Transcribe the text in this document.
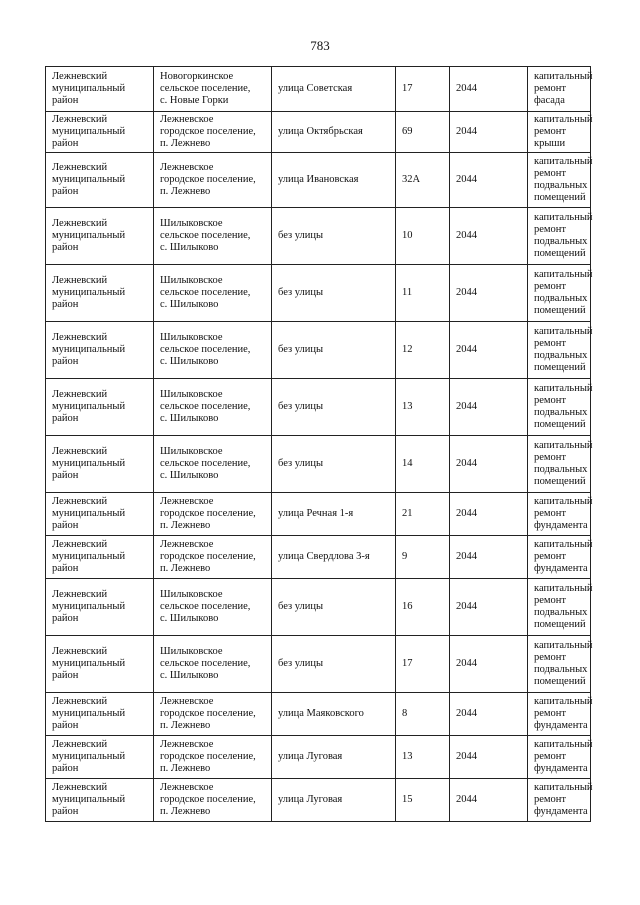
783
Лежневский
муниципальный
район	Новогоркинское
сельское поселение,
с. Новые Горки	улица Советская	17	2044	капитальный
ремонт фасада
Лежневский
муниципальный
район	Лежневское
городское поселение,
п. Лежнево	улица Октябрьская	69	2044	капитальный
ремонт крыши
Лежневский
муниципальный
район	Лежневское
городское поселение,
п. Лежнево	улица Ивановская	32А	2044	капитальный
ремонт
подвальных
помещений
Лежневский
муниципальный
район	Шилыковское
сельское поселение,
с. Шилыково	без улицы	10	2044	капитальный
ремонт
подвальных
помещений
Лежневский
муниципальный
район	Шилыковское
сельское поселение,
с. Шилыково	без улицы	11	2044	капитальный
ремонт
подвальных
помещений
Лежневский
муниципальный
район	Шилыковское
сельское поселение,
с. Шилыково	без улицы	12	2044	капитальный
ремонт
подвальных
помещений
Лежневский
муниципальный
район	Шилыковское
сельское поселение,
с. Шилыково	без улицы	13	2044	капитальный
ремонт
подвальных
помещений
Лежневский
муниципальный
район	Шилыковское
сельское поселение,
с. Шилыково	без улицы	14	2044	капитальный
ремонт
подвальных
помещений
Лежневский
муниципальный
район	Лежневское
городское поселение,
п. Лежнево	улица Речная 1-я	21	2044	капитальный
ремонт
фундамента
Лежневский
муниципальный
район	Лежневское
городское поселение,
п. Лежнево	улица Свердлова 3-я	9	2044	капитальный
ремонт
фундамента
Лежневский
муниципальный
район	Шилыковское
сельское поселение,
с. Шилыково	без улицы	16	2044	капитальный
ремонт
подвальных
помещений
Лежневский
муниципальный
район	Шилыковское
сельское поселение,
с. Шилыково	без улицы	17	2044	капитальный
ремонт
подвальных
помещений
Лежневский
муниципальный
район	Лежневское
городское поселение,
п. Лежнево	улица Маяковского	8	2044	капитальный
ремонт
фундамента
Лежневский
муниципальный
район	Лежневское
городское поселение,
п. Лежнево	улица Луговая	13	2044	капитальный
ремонт
фундамента
Лежневский
муниципальный
район	Лежневское
городское поселение,
п. Лежнево	улица Луговая	15	2044	капитальный
ремонт
фундамента
